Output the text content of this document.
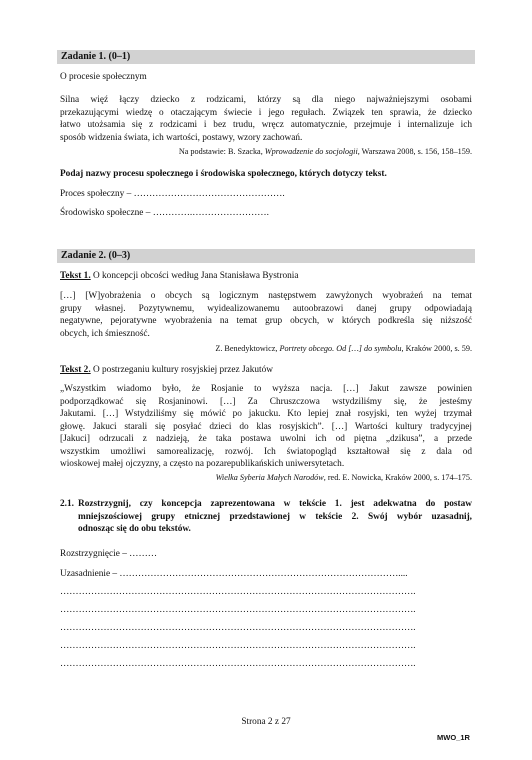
Zadanie 1. (0–1)
O procesie społecznym
Silna więź łączy dziecko z rodzicami, którzy są dla niego najważniejszymi osobami
przekazującymi wiedzę o otaczającym świecie i jego regułach. Związek ten sprawia, że dziecko
łatwo utożsamia się z rodzicami i bez trudu, wręcz automatycznie, przejmuje i internalizuje ich
sposób widzenia świata, ich wartości, postawy, wzory zachowań.
Na podstawie: B. Szacka, Wprowadzenie do socjologii, Warszawa 2008, s. 156, 158–159.
Podaj nazwy procesu społecznego i środowiska społecznego, których dotyczy tekst.
Proces społeczny – ………………………………………….
Środowisko społeczne – ………….…………………….
Zadanie 2. (0–3)
Tekst 1. O koncepcji obcości według Jana Stanisława Bystronia
[…] [W]yobrażenia o obcych są logicznym następstwem zawyżonych wyobrażeń na temat
grupy własnej. Pozytywnemu, wyidealizowanemu autoobrazowi danej grupy odpowiadają
negatywne, pejoratywne wyobrażenia na temat grup obcych, w których podkreśla się niższość
obcych, ich śmieszność.
Z. Benedyktowicz, Portrety obcego. Od […] do symbolu, Kraków 2000, s. 59.
Tekst 2. O postrzeganiu kultury rosyjskiej przez Jakutów
„Wszystkim wiadomo było, że Rosjanie to wyższa nacja. […] Jakut zawsze powinien
podporządkować się Rosjaninowi. […] Za Chruszczowa wstydziliśmy się, że jesteśmy
Jakutami. […] Wstydziliśmy się mówić po jakucku. Kto lepiej znał rosyjski, ten wyżej trzymał
głowę. Jakuci starali się posyłać dzieci do klas rosyjskich”. […] Wartości kultury tradycyjnej
[Jakuci] odrzucali z nadzieją, że taka postawa uwolni ich od piętna „dzikusa”, a przede
wszystkim umożliwi samorealizację, rozwój. Ich światopogląd kształtował się z dala od
wioskowej małej ojczyzny, a często na pozarepublikańskich uniwersytetach.
Wielka Syberia Małych Narodów, red. E. Nowicka, Kraków 2000, s. 174–175.
2.1. Rozstrzygnij, czy koncepcja zaprezentowana w tekście 1. jest adekwatna do postaw
mniejszościowej grupy etnicznej przedstawionej w tekście 2. Swój wybór uzasadnij,
odnosząc się do obu tekstów.
Rozstrzygnięcie – ………
Uzasadnienie – ………………………………………………………………………………....
…………………………………………………………………………………………………….
…………………………………………………………………………………………………….
…………………………………………………………………………………………………….
…………………………………………………………………………………………………….
…………………………………………………………………………………………………….
Strona 2 z 27
MWO_1R
